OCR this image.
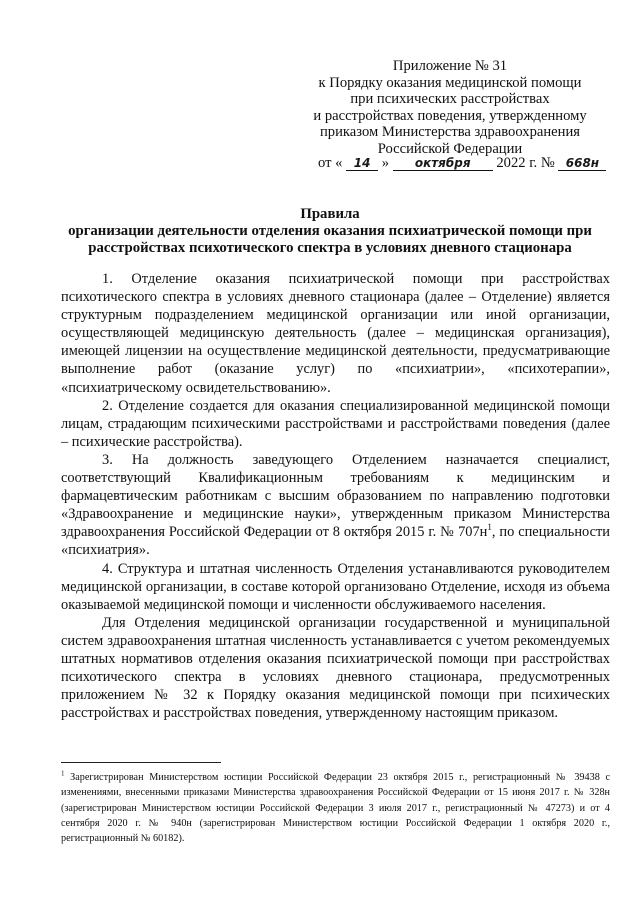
Приложение № 31
к Порядку оказания медицинской помощи
при психических расстройствах
и расстройствах поведения, утвержденному
приказом Министерства здравоохранения
Российской Федерации
от « 14 » октября 2022 г. № 668н
Правила
организации деятельности отделения оказания психиатрической помощи при
расстройствах психотического спектра в условиях дневного стационара

1. Отделение оказания психиатрической помощи при расстройствах психотического спектра в условиях дневного стационара (далее – Отделение) является структурным подразделением медицинской организации или иной организации, осуществляющей медицинскую деятельность (далее – медицинская организация), имеющей лицензии на осуществление медицинской деятельности, предусматривающие выполнение работ (оказание услуг) по «психиатрии», «психотерапии», «психиатрическому освидетельствованию».

2. Отделение создается для оказания специализированной медицинской помощи лицам, страдающим психическими расстройствами и расстройствами поведения (далее – психические расстройства).

3. На должность заведующего Отделением назначается специалист, соответствующий Квалификационным требованиям к медицинским и фармацевтическим работникам с высшим образованием по направлению подготовки «Здравоохранение и медицинские науки», утвержденным приказом Министерства здравоохранения Российской Федерации от 8 октября 2015 г. № $707н^1$, по специальности «психиатрия».

4. Структура и штатная численность Отделения устанавливаются руководителем медицинской организации, в составе которой организовано Отделение, исходя из объема оказываемой медицинской помощи и численности обслуживаемого населения.

Для Отделения медицинской организации государственной и муниципальной систем здравоохранения штатная численность устанавливается с учетом рекомендуемых штатных нормативов отделения оказания психиатрической помощи при расстройствах психотического спектра в условиях дневного стационара, предусмотренных приложением № 32 к Порядку оказания медицинской помощи при психических расстройствах и расстройствах поведения, утвержденному настоящим приказом.

$^1$ Зарегистрирован Министерством юстиции Российской Федерации 23 октября 2015 г., регистрационный № 39438 с изменениями, внесенными приказами Министерства здравоохранения Российской Федерации от 15 июня 2017 г. № 328н (зарегистрирован Министерством юстиции Российской Федерации 3 июля 2017 г., регистрационный № 47273) и от 4 сентября 2020 г. № 940н (зарегистрирован Министерством юстиции Российской Федерации 1 октября 2020 г., регистрационный № 60182).
